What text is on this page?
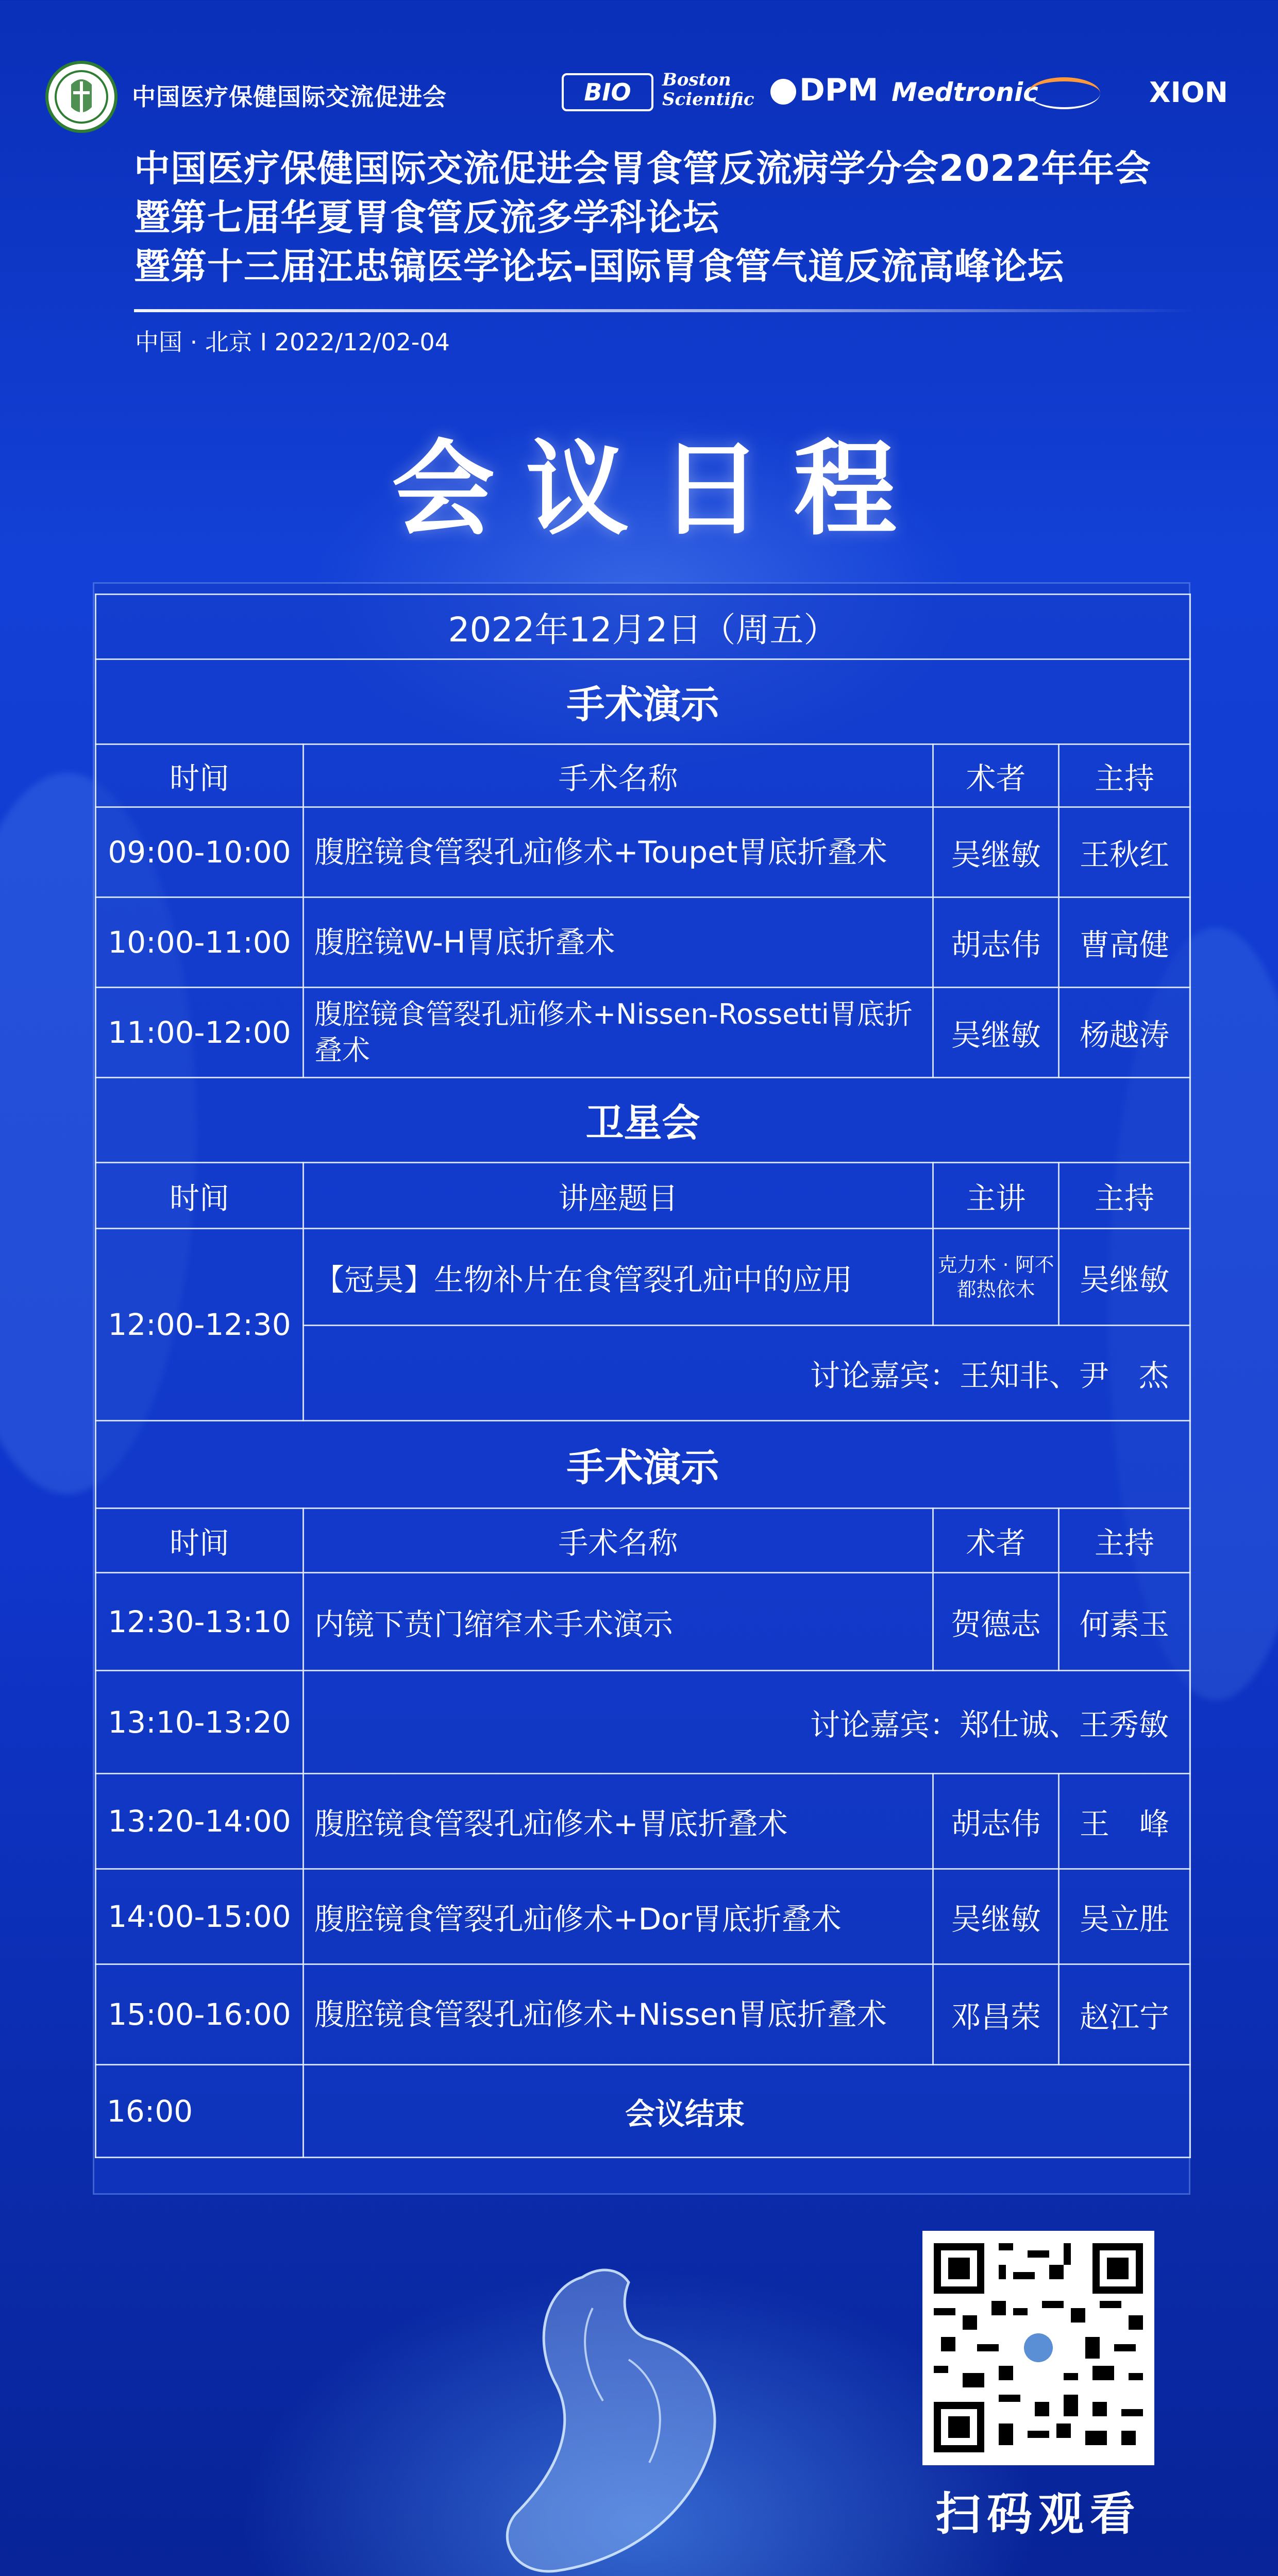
中国医疗保健国际交流促进会	BIO	Boston Scientific	DPM Medtronic	XION
中国医疗保健国际交流促进会胃食管反流病学分会2022年年会
暨第七届华夏胃食管反流多学科论坛
暨第十三届汪忠镐医学论坛-国际胃食管气道反流高峰论坛
中国 · 北京 I 2022/12/02-04
会议日程
2022年12月2日（周五）			
手术演示			
时间	手术名称	术者	主持
09:00-10:00	腹腔镜食管裂孔疝修术+Toupet胃底折叠术	吴继敏	王秋红
10:00-11:00	腹腔镜W-H胃底折叠术	胡志伟	曹高健
11:00-12:00	腹腔镜食管裂孔疝修术+Nissen-Rossetti胃底折叠术	吴继敏	杨越涛
卫星会			
时间	讲座题目	主讲	主持
12:00-12:30	【冠昊】生物补片在食管裂孔疝中的应用	克力木 · 阿不都热依木	吴继敏
	讨论嘉宾：王知非、尹　杰		
手术演示			
时间	手术名称	术者	主持
12:30-13:10	内镜下贲门缩窄术手术演示	贺德志	何素玉
13:10-13:20	讨论嘉宾：郑仕诚、王秀敏		
13:20-14:00	腹腔镜食管裂孔疝修术+胃底折叠术	胡志伟	王　峰
14:00-15:00	腹腔镜食管裂孔疝修术+Dor胃底折叠术	吴继敏	吴立胜
15:00-16:00	腹腔镜食管裂孔疝修术+Nissen胃底折叠术	邓昌荣	赵江宁
16:00	会议结束		
扫码观看
